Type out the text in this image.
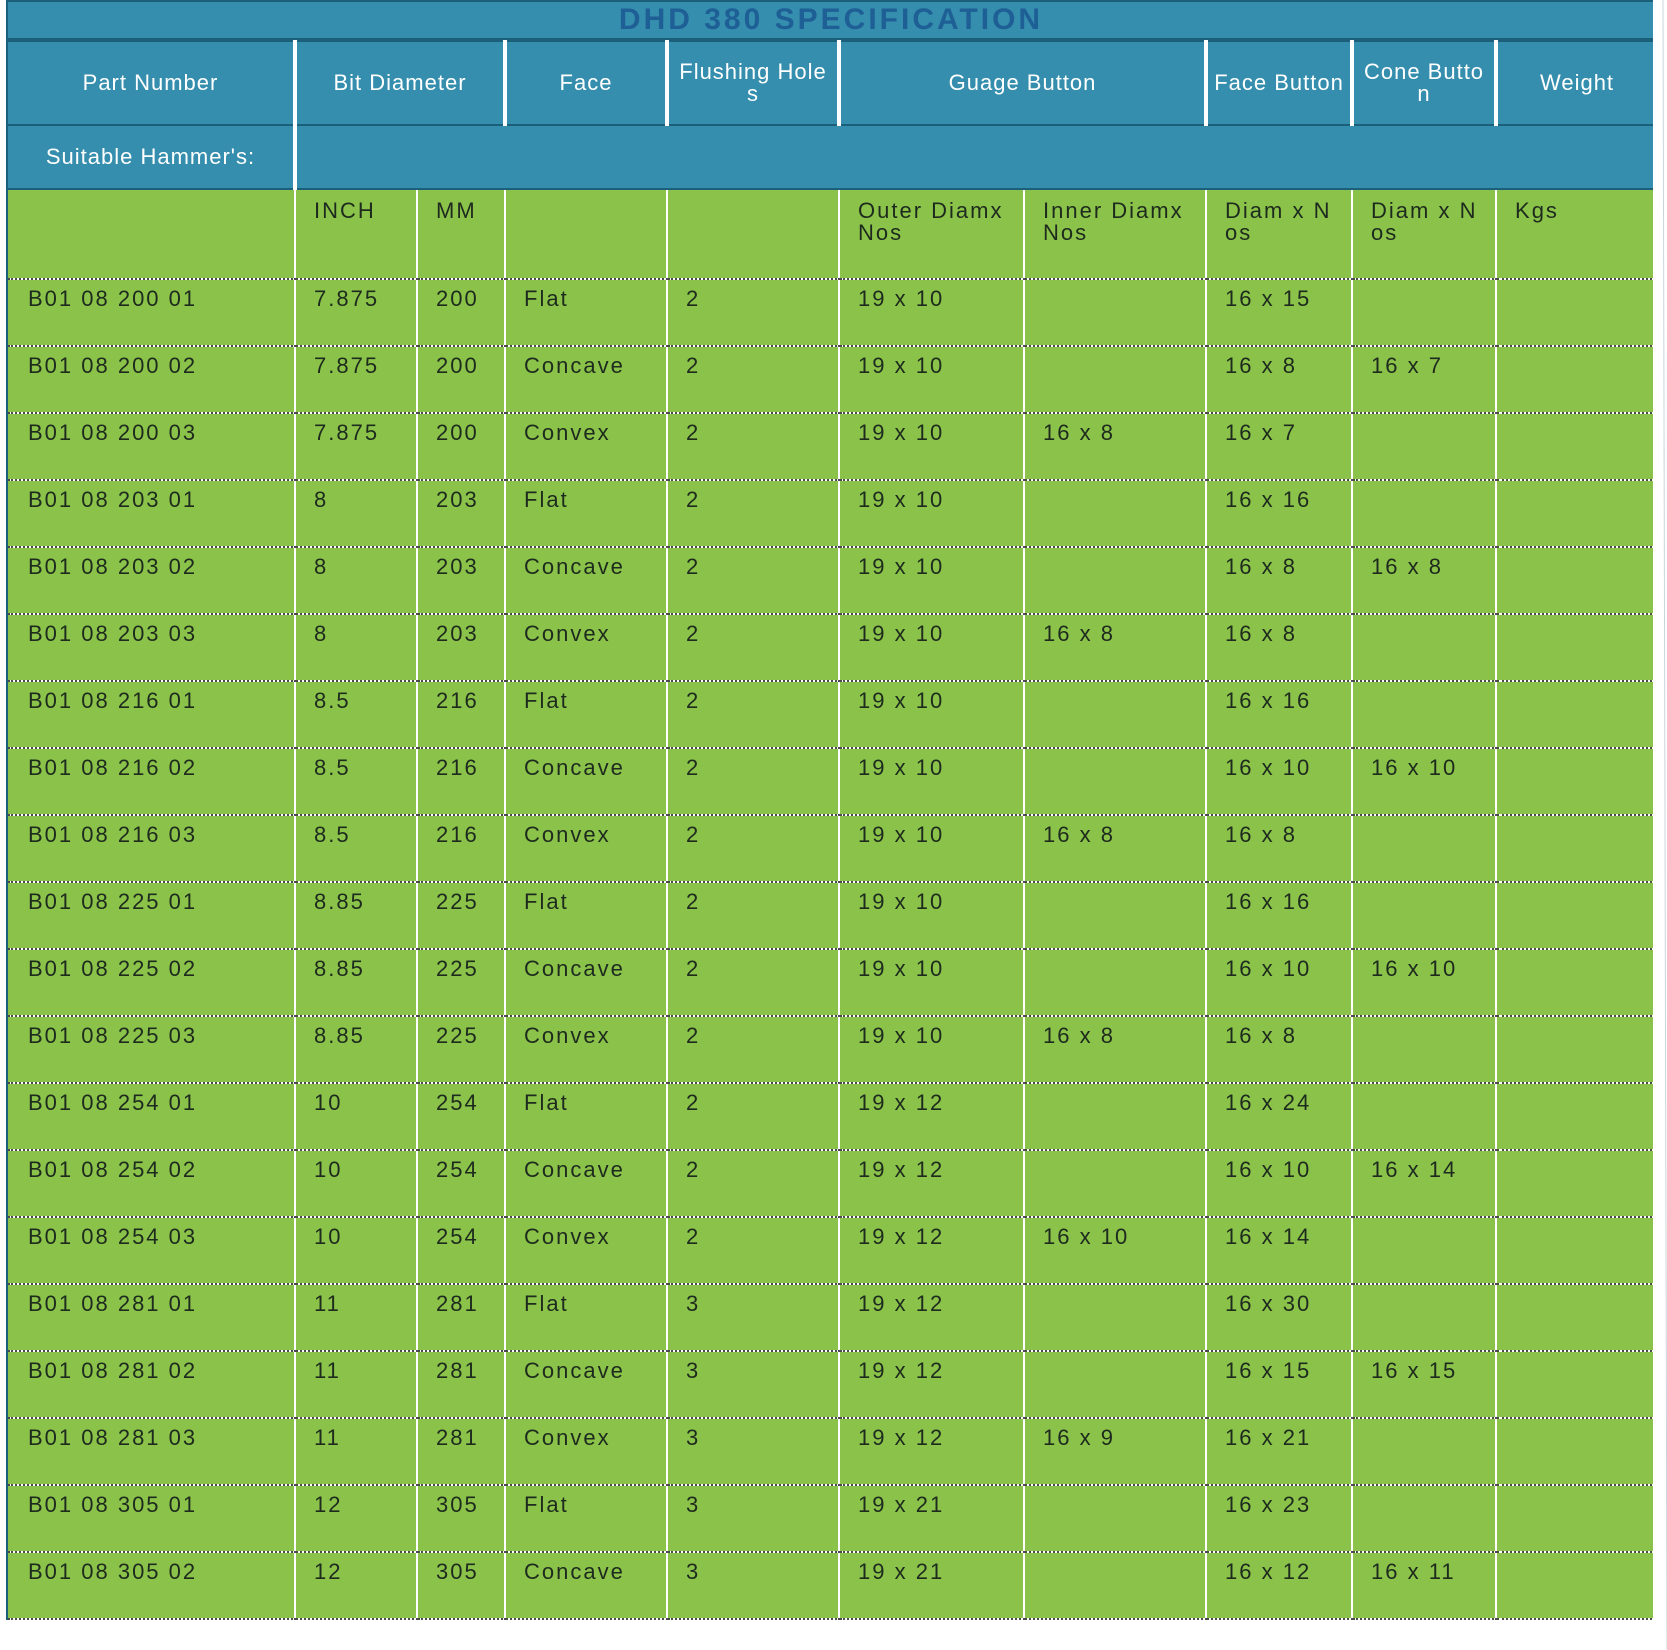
DHD 380 SPECIFICATION
Part Number	Bit Diameter		Face	Flushing Holes	Guage Button		Face Button	Cone Button	Weight
Suitable Hammer's:									
	INCH	MM			Outer DiamxNos	Inner DiamxNos	Diam x Nos	Diam x Nos	Kgs
B01 08 200 01	7.875	200	Flat	2	19 x 10		16 x 15		
B01 08 200 02	7.875	200	Concave	2	19 x 10		16 x 8	16 x 7	
B01 08 200 03	7.875	200	Convex	2	19 x 10	16 x 8	16 x 7		
B01 08 203 01	8	203	Flat	2	19 x 10		16 x 16		
B01 08 203 02	8	203	Concave	2	19 x 10		16 x 8	16 x 8	
B01 08 203 03	8	203	Convex	2	19 x 10	16 x 8	16 x 8		
B01 08 216 01	8.5	216	Flat	2	19 x 10		16 x 16		
B01 08 216 02	8.5	216	Concave	2	19 x 10		16 x 10	16 x 10	
B01 08 216 03	8.5	216	Convex	2	19 x 10	16 x 8	16 x 8		
B01 08 225 01	8.85	225	Flat	2	19 x 10		16 x 16		
B01 08 225 02	8.85	225	Concave	2	19 x 10		16 x 10	16 x 10	
B01 08 225 03	8.85	225	Convex	2	19 x 10	16 x 8	16 x 8		
B01 08 254 01	10	254	Flat	2	19 x 12		16 x 24		
B01 08 254 02	10	254	Concave	2	19 x 12		16 x 10	16 x 14	
B01 08 254 03	10	254	Convex	2	19 x 12	16 x 10	16 x 14		
B01 08 281 01	11	281	Flat	3	19 x 12		16 x 30		
B01 08 281 02	11	281	Concave	3	19 x 12		16 x 15	16 x 15	
B01 08 281 03	11	281	Convex	3	19 x 12	16 x 9	16 x 21		
B01 08 305 01	12	305	Flat	3	19 x 21		16 x 23		
B01 08 305 02	12	305	Concave	3	19 x 21		16 x 12	16 x 11	
